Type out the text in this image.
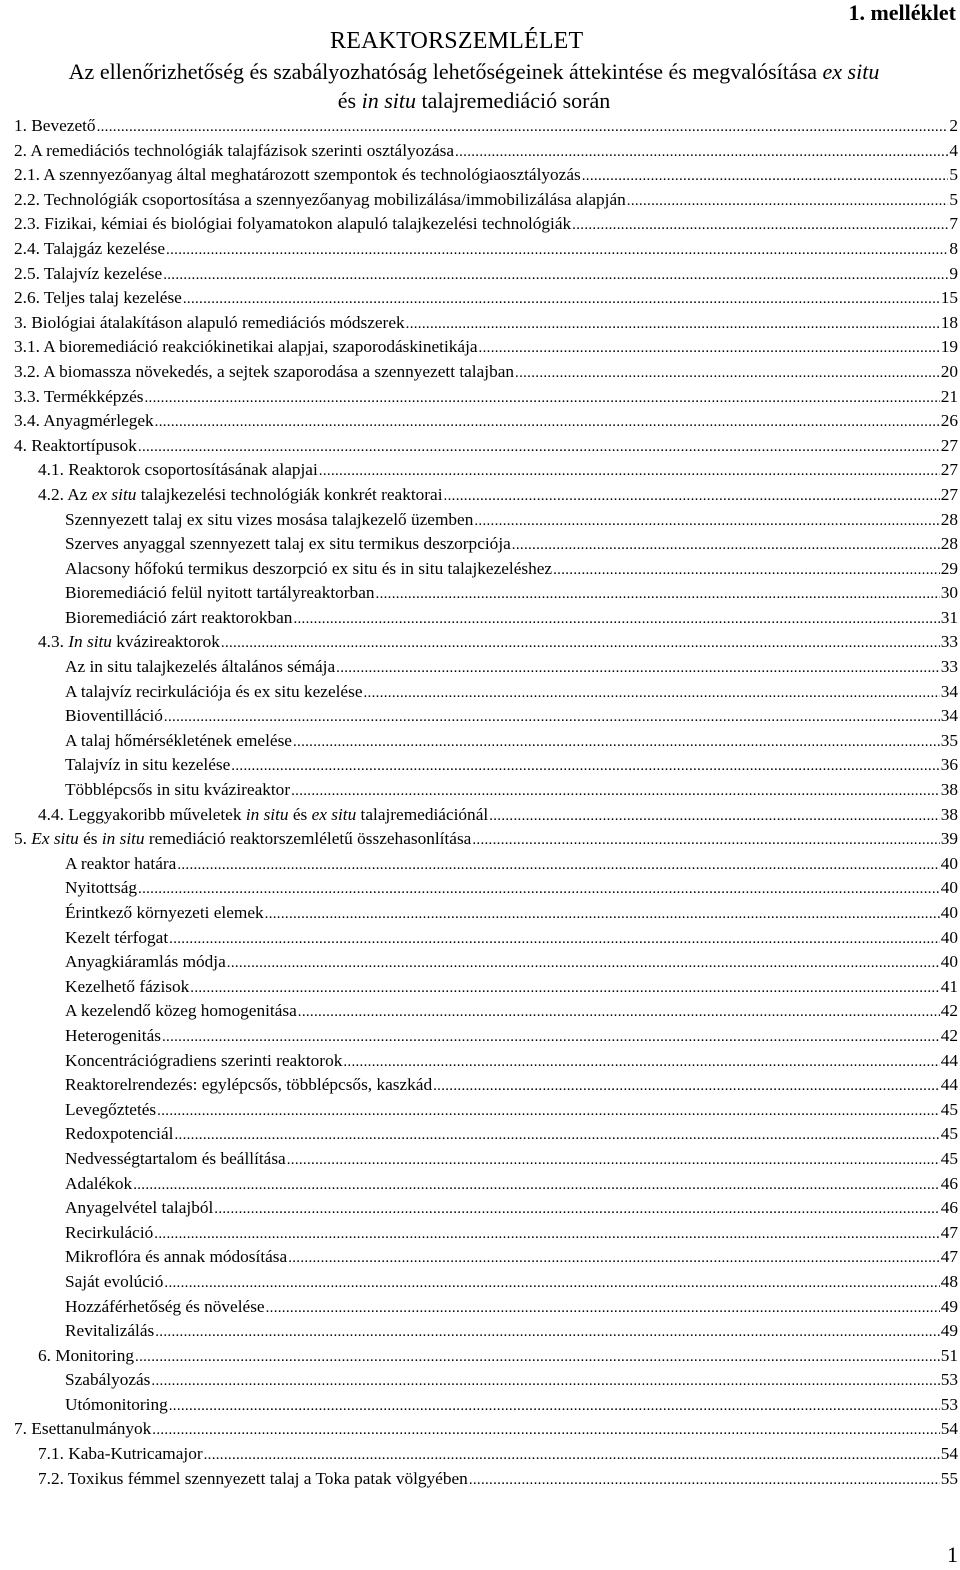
1. melléklet

REAKTORSZEMLÉLET
Az ellenőrizhetőség és szabályozhatóság lehetőségeinek áttekintése és megvalósítása ex situ
és in situ talajremediáció során
1. Bevezető .....	2
2. A remediációs technológiák talajfázisok szerinti osztályozása .....	4
2.1. A szennyezőanyag által meghatározott szempontok és technológiaosztályozás .....	5
2.2. Technológiák csoportosítása a szennyezőanyag mobilizálása/immobilizálása alapján .....	5
2.3. Fizikai, kémiai és biológiai folyamatokon alapuló talajkezelési technológiák .....	7
2.4. Talajgáz kezelése .....	8
2.5. Talajvíz kezelése .....	9
2.6. Teljes talaj kezelése .....	15
3. Biológiai átalakításon alapuló remediációs módszerek .....	18
3.1. A bioremediáció reakciókinetikai alapjai, szaporodáskinetikája .....	19
3.2. A biomassza növekedés, a sejtek szaporodása a szennyezett talajban .....	20
3.3. Termékképzés .....	21
3.4. Anyagmérlegek .....	26
4. Reaktortípusok .....	27
4.1. Reaktorok csoportosításának alapjai .....	27
4.2. Az ex situ talajkezelési technológiák konkrét reaktorai .....	27
Szennyezett talaj ex situ vizes mosása talajkezelő üzemben .....	28
Szerves anyaggal szennyezett talaj ex situ termikus deszorpciója .....	28
Alacsony hőfokú termikus deszorpció ex situ és in situ talajkezeléshez .....	29
Bioremediáció felül nyitott tartályreaktorban .....	30
Bioremediáció zárt reaktorokban .....	31
4.3. In situ kvázireaktorok .....	33
Az in situ talajkezelés általános sémája .....	33
A talajvíz recirkulációja és ex situ kezelése .....	34
Bioventilláció .....	34
A talaj hőmérsékletének emelése .....	35
Talajvíz in situ kezelése .....	36
Többlépcsős in situ kvázireaktor .....	38
4.4. Leggyakoribb műveletek in situ és ex situ talajremediációnál .....	38
5. Ex situ és in situ remediáció reaktorszemléletű összehasonlítása .....	39
A reaktor határa .....	40
Nyitottság .....	40
Érintkező környezeti elemek .....	40
Kezelt térfogat .....	40
Anyagkiáramlás módja .....	40
Kezelhető fázisok .....	41
A kezelendő közeg homogenitása .....	42
Heterogenitás .....	42
Koncentrációgradiens szerinti reaktorok .....	44
Reaktorelrendezés: egylépcsős, többlépcsős, kaszkád .....	44
Levegőztetés .....	45
Redoxpotenciál .....	45
Nedvességtartalom és beállítása .....	45
Adalékok .....	46
Anyagelvétel talajból .....	46
Recirkuláció .....	47
Mikroflóra és annak módosítása .....	47
Saját evolúció .....	48
Hozzáférhetőség és növelése .....	49
Revitalizálás .....	49
6. Monitoring .....	51
Szabályozás .....	53
Utómonitoring .....	53
7. Esettanulmányok .....	54
7.1. Kaba-Kutricamajor .....	54
7.2. Toxikus fémmel szennyezett talaj a Toka patak völgyében .....	55

1
